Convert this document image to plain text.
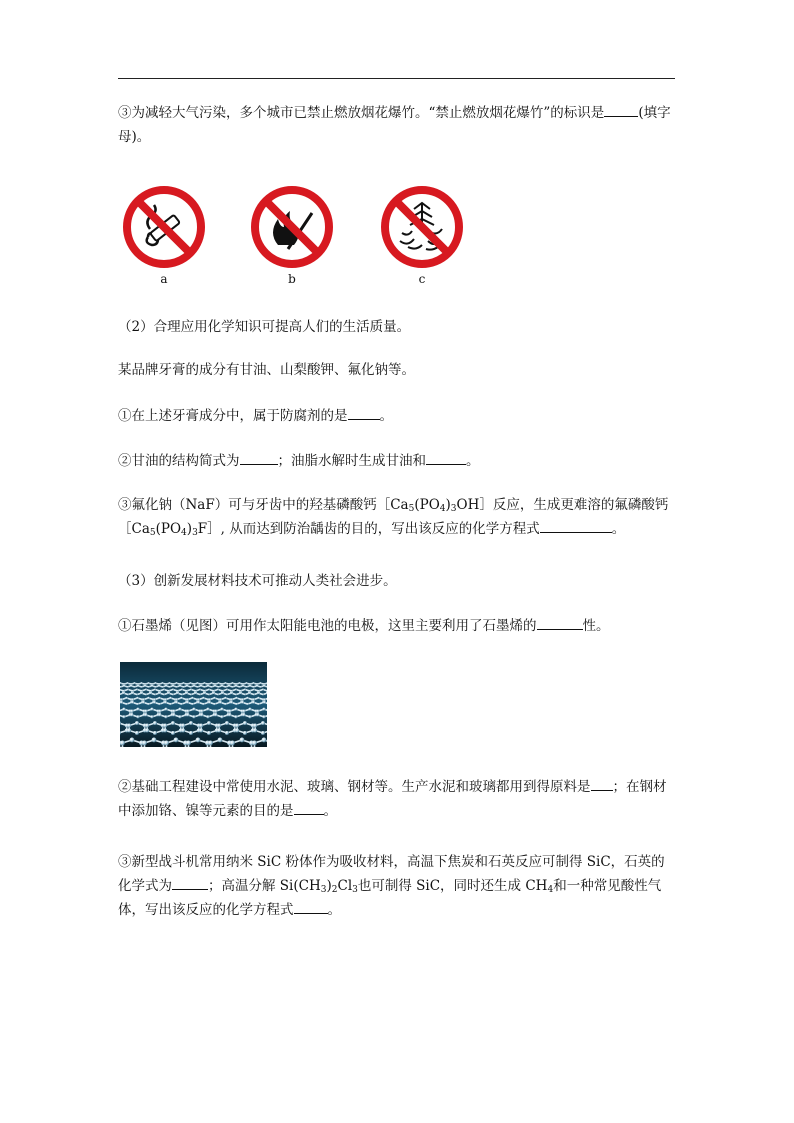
③为减轻大气污染，多个城市已禁止燃放烟花爆竹。“禁止燃放烟花爆竹”的标识是	(填字母)。

a	b	c

（2）合理应用化学知识可提高人们的生活质量。

某品牌牙膏的成分有甘油、山梨酸钾、氟化钠等。

①在上述牙膏成分中，属于防腐剂的是 。

②甘油的结构简式为	；油脂水解时生成甘油和	。

③氟化钠（NaF）可与牙齿中的羟基磷酸钙$[Ca_5(PO_4)_3OH]$反应，生成更难溶的氟磷酸钙
$[Ca_5(PO_4)_3F]$, 从而达到防治龋齿的目的，写出该反应的化学方程式	。

（3）创新发展材料技术可推动人类社会进步。

①石墨烯（见图）可用作太阳能电池的电极，这里主要利用了石墨烯的	性。

②基础工程建设中常使用水泥、玻璃、钢材等。生产水泥和玻璃都用到得原料是 ；在钢材中添加铬、镍等元素的目的是 。

③新型战斗机常用纳米 SiC 粉体作为吸收材料，高温下焦炭和石英反应可制得 SiC，石英的化学式为	；高温分解 $Si(CH_3)_2Cl_3$也可制得 SiC，同时还生成 $CH_4$和一种常见酸性气体，写出该反应的化学方程式	。
